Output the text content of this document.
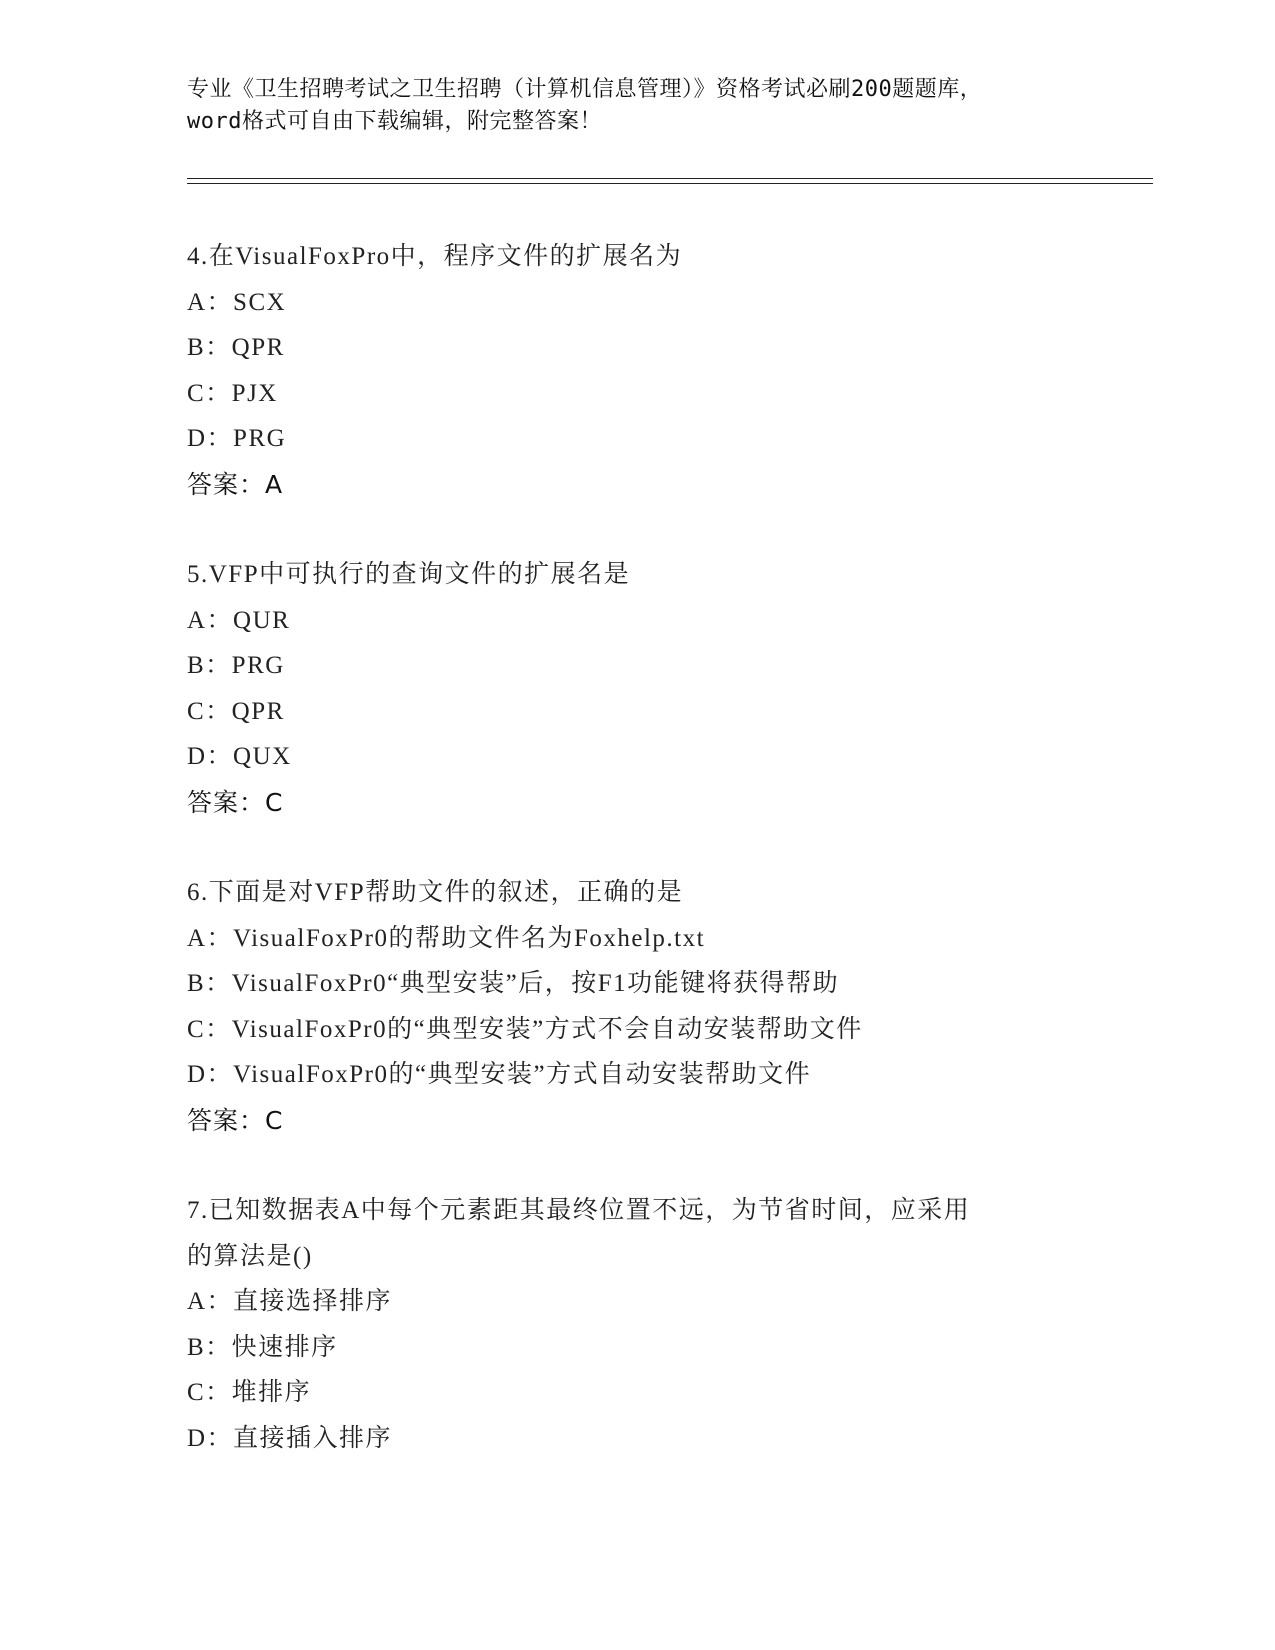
专业《卫生招聘考试之卫生招聘（计算机信息管理）》资格考试必刷200题题库，
word格式可自由下载编辑，附完整答案！
4.在VisualFoxPro中，程序文件的扩展名为
A：SCX
B：QPR
C：PJX
D：PRG
答案：A
5.VFP中可执行的查询文件的扩展名是
A：QUR
B：PRG
C：QPR
D：QUX
答案：C
6.下面是对VFP帮助文件的叙述，正确的是
A：VisualFoxPr0的帮助文件名为Foxhelp.txt
B：VisualFoxPr0“典型安装”后，按F1功能键将获得帮助
C：VisualFoxPr0的“典型安装”方式不会自动安装帮助文件
D：VisualFoxPr0的“典型安装”方式自动安装帮助文件
答案：C
7.已知数据表A中每个元素距其最终位置不远，为节省时间，应采用
的算法是()
A：直接选择排序
B：快速排序
C：堆排序
D：直接插入排序
